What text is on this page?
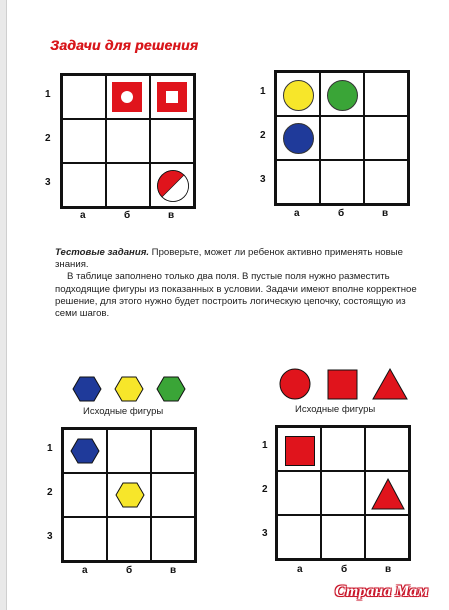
Задачи для решения
1
2
3
а	б	в
1
2
3
а	б	в

Тестовые задания. Проверьте, может ли ребенок активно применять новые знания.

В таблице заполнено только два поля. В пустые поля нужно разместить подходящие фигуры из показанных в условии. Задачи имеют вполне корректное решение, для этого нужно будет построить логическую цепочку, состоящую из семи шагов.

Исходные фигуры	Исходные фигуры
1
2
3
а	б	в
1
2
3
а	б	в
Страна Мам
